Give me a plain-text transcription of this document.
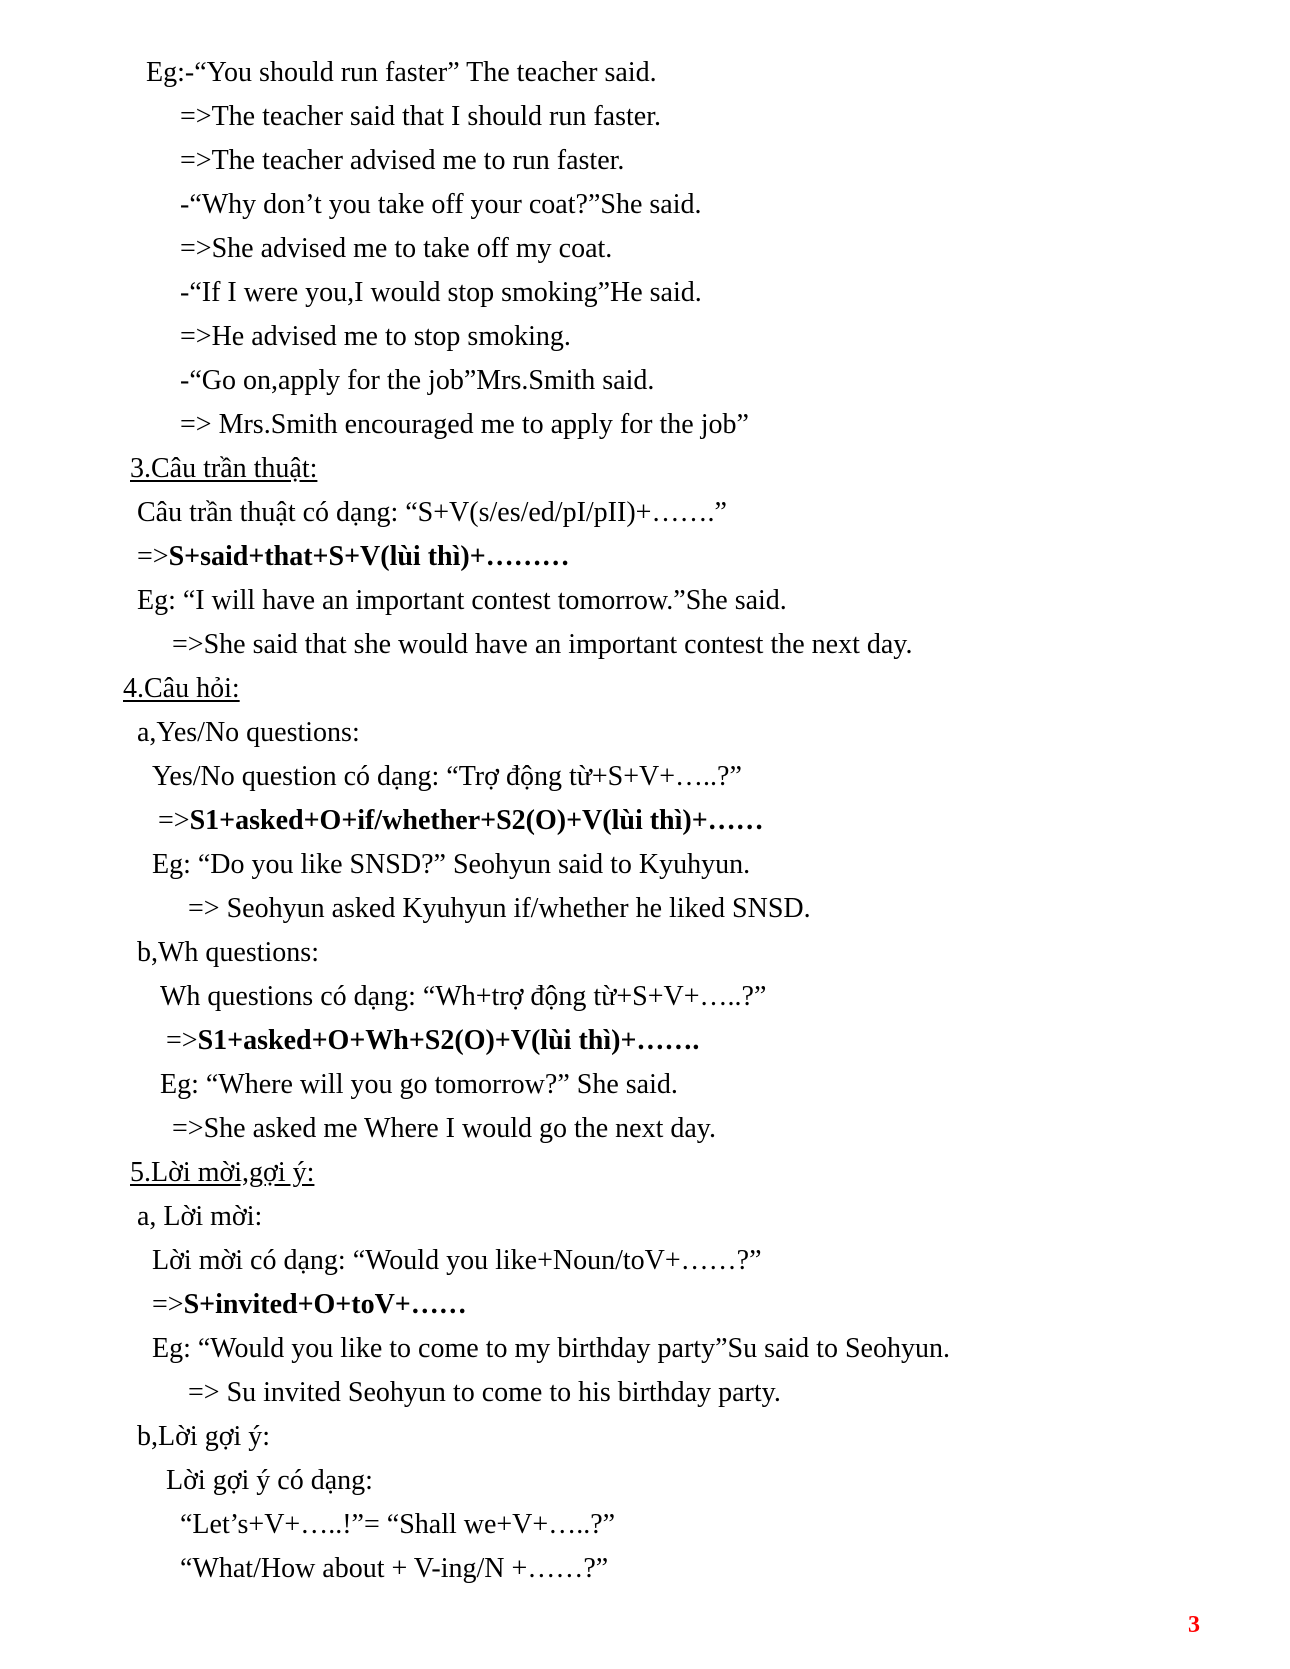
Eg:-“You should run faster” The teacher said.

=>The teacher said that I should run faster.

=>The teacher advised me to run faster.

-“Why don’t you take off your coat?”She said.

=>She advised me to take off my coat.

-“If I were you,I would stop smoking”He said.

=>He advised me to stop smoking.

-“Go on,apply for the job”Mrs.Smith said.

=> Mrs.Smith encouraged me to apply for the job”

3.Câu trần thuật:

Câu trần thuật có dạng: “S+V(s/es/ed/pI/pII)+…….”

=>S+said+that+S+V(lùi thì)+………

Eg: “I will have an important contest tomorrow.”She said.

=>She said that she would have an important contest the next day.

4.Câu hỏi:

a,Yes/No questions:

Yes/No question có dạng: “Trợ động từ+S+V+…..?”

=>S1+asked+O+if/whether+S2(O)+V(lùi thì)+……

Eg: “Do you like SNSD?” Seohyun said to Kyuhyun.

=> Seohyun asked Kyuhyun if/whether he liked SNSD.

b,Wh questions:

Wh questions có dạng: “Wh+trợ động từ+S+V+…..?”

=>S1+asked+O+Wh+S2(O)+V(lùi thì)+…….

Eg: “Where will you go tomorrow?” She said.

=>She asked me Where I would go the next day.

5.Lời mời,gợi ý:

a, Lời mời:

Lời mời có dạng: “Would you like+Noun/toV+……?”

=>S+invited+O+toV+……

Eg: “Would you like to come to my birthday party”Su said to Seohyun.

=> Su invited Seohyun to come to his birthday party.

b,Lời gợi ý:

Lời gợi ý có dạng:

“Let’s+V+…..!”= “Shall we+V+…..?”

“What/How about + V-ing/N +……?”

3
